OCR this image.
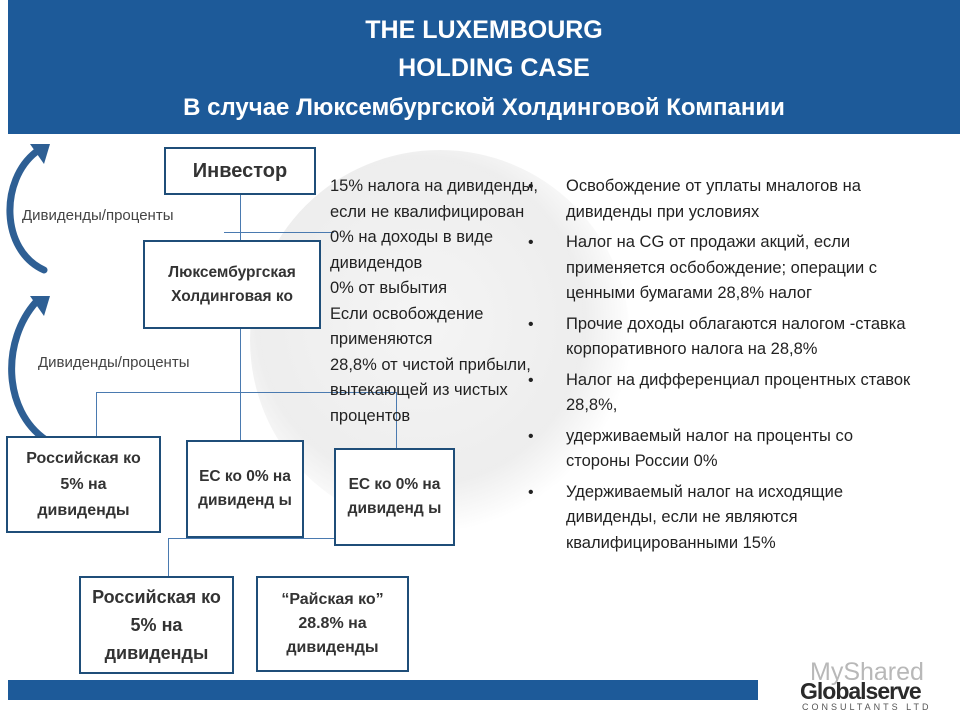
THE LUXEMBOURG
HOLDING CASE
В случае Люксембургской Холдинговой Компании
Дивиденды/проценты
Дивиденды/проценты
Инвестор
Люксембургская Холдинговая ко
Российская ко 5% на дивиденды
ЕС ко 0% на дивиденд ы
ЕС ко 0% на дивиденд ы
Российская ко 5% на дивиденды
“Райская ко” 28.8% на дивиденды
15% налога на дивиденды, если не квалифицирован
0% на доходы в виде дивидендов
0% от выбытия
Если освобождение применяются
28,8% от чистой прибыли, вытекающей из чистых процентов
• Освобождение от уплаты мналогов на
дивиденды при условиях
• Налог на CG от продажи акций, если
применяется осбобождение; операции с
ценными бумагами 28,8% налог
• Прочие доходы облагаются налогом -ставка
корпоративного налога на 28,8%
• Налог на дифференциал процентных ставок
28,8%,
• удерживаемый налог на проценты со
стороны России 0%
• Удерживаемый налог на исходящие
дивиденды, если не являются
квалифицированными 15%
MyShared
Globalserve
CONSULTANTS LTD
